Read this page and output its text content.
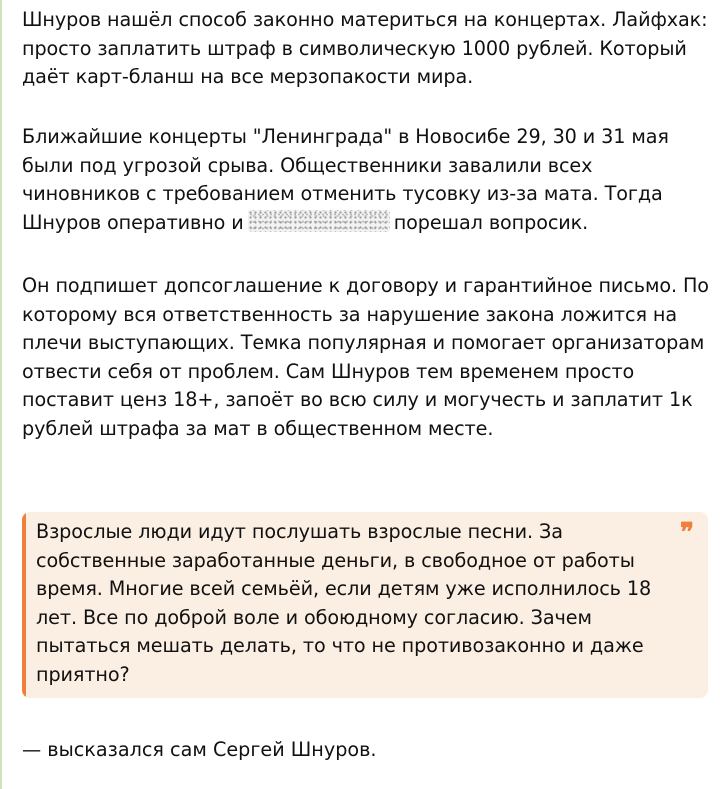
Шнуров нашёл способ законно материться на концертах. Лайфхак: просто заплатить штраф в символическую 1000 рублей. Который даёт карт-бланш на все мерзопакости мира.

Ближайшие концерты "Ленинграда" в Новосибе 29, 30 и 31 мая были под угрозой срыва. Общественники завалили всех чиновников с требованием отменить тусовку из-за мата. Тогда Шнуров оперативно и	порешал вопросик.

Он подпишет допсоглашение к договору и гарантийное письмо. По которому вся ответственность за нарушение закона ложится на плечи выступающих. Темка популярная и помогает организаторам отвести себя от проблем. Сам Шнуров тем временем просто поставит ценз 18+, запоёт во всю силу и могучесть и заплатит 1к рублей штрафа за мат в общественном месте.

Взрослые люди идут послушать взрослые песни. За собственные заработанные деньги, в свободное от работы время. Многие всей семьёй, если детям уже исполнилось 18 лет. Все по доброй воле и обоюдному согласию. Зачем пытаться мешать делать, то что не противозаконно и даже приятно?
❞
— высказался сам Сергей Шнуров.
